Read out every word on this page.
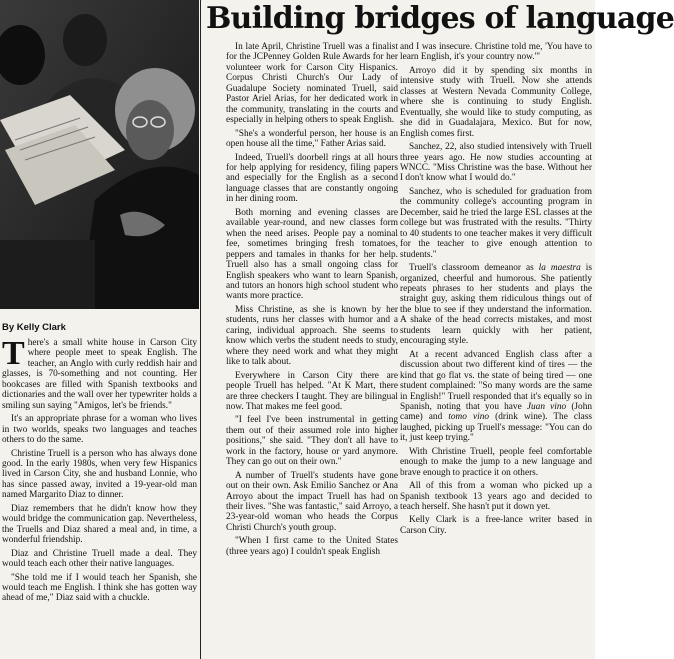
By Kelly Clark
Building bridges of language

There's a small white house in Carson City where people meet to speak English. The teacher, an Anglo with curly reddish hair and glasses, is 70-something and not counting. Her bookcases are filled with Spanish textbooks and dictionaries and the wall over her typewriter holds a smiling sun saying "Amigos, let's be friends."

It's an appropriate phrase for a woman who lives in two worlds, speaks two languages and teaches others to do the same.

Christine Truell is a person who has always done good. In the early 1980s, when very few Hispanics lived in Carson City, she and husband Lonnie, who has since passed away, invited a 19-year-old man named Margarito Diaz to dinner.

Diaz remembers that he didn't know how they would bridge the communication gap. Nevertheless, the Truells and Diaz shared a meal and, in time, a wonderful friendship.

Diaz and Christine Truell made a deal. They would teach each other their native languages.

"She told me if I would teach her Spanish, she would teach me English. I think she has gotten way ahead of me," Diaz said with a chuckle.

In late April, Christine Truell was a finalist for the JCPenney Golden Rule Awards for her volunteer work for Carson City Hispanics. Corpus Christi Church's Our Lady of Guadalupe Society nominated Truell, said Pastor Ariel Arias, for her dedicated work in the community, translating in the courts and especially in helping others to speak English.

"She's a wonderful person, her house is an open house all the time," Father Arias said.

Indeed, Truell's doorbell rings at all hours for help applying for residency, filing papers and especially for the English as a second language classes that are constantly ongoing in her dining room.

Both morning and evening classes are available year-round, and new classes form when the need arises. People pay a nominal fee, sometimes bringing fresh tomatoes, peppers and tamales in thanks for her help. Truell also has a small ongoing class for English speakers who want to learn Spanish, and tutors an honors high school student who wants more practice.

Miss Christine, as she is known by her students, runs her classes with humor and a caring, individual approach. She seems to know which verbs the student needs to study, where they need work and what they might like to talk about.

Everywhere in Carson City there are people Truell has helped. "At K Mart, there are three checkers I taught. They are bilingual now. That makes me feel good.

"I feel I've been instrumental in getting them out of their assumed role into higher positions," she said. "They don't all have to work in the factory, house or yard anymore. They can go out on their own."

A number of Truell's students have gone out on their own. Ask Emilio Sanchez or Ana Arroyo about the impact Truell has had on their lives. "She was fantastic," said Arroyo, a 23-year-old woman who heads the Corpus Christi Church's youth group.

"When I first came to the United States (three years ago) I couldn't speak English

and I was insecure. Christine told me, 'You have to learn English, it's your country now.'"

Arroyo did it by spending six months in intensive study with Truell. Now she attends classes at Western Nevada Community College, where she is continuing to study English. Eventually, she would like to study computing, as she did in Guadalajara, Mexico. But for now, English comes first.

Sanchez, 22, also studied intensively with Truell three years ago. He now studies accounting at WNCC. "Miss Christine was the base. Without her I don't know what I would do."

Sanchez, who is scheduled for graduation from the community college's accounting program in December, said he tried the large ESL classes at the college but was frustrated with the results. "Thirty to 40 students to one teacher makes it very difficult for the teacher to give enough attention to students."

Truell's classroom demeanor as la maestra is organized, cheerful and humorous. She patiently repeats phrases to her students and plays the straight guy, asking them ridiculous things out of the blue to see if they understand the information. A shake of the head corrects mistakes, and most students learn quickly with her patient, encouraging style.

At a recent advanced English class after a discussion about two different kind of tires — the kind that go flat vs. the state of being tired — one student complained: "So many words are the same in English!" Truell responded that it's equally so in Spanish, noting that you have Juan vino (John came) and tomo vino (drink wine). The class laughed, picking up Truell's message: "You can do it, just keep trying."

With Christine Truell, people feel comfortable enough to make the jump to a new language and brave enough to practice it on others.

All of this from a woman who picked up a Spanish textbook 13 years ago and decided to teach herself. She hasn't put it down yet.

Kelly Clark is a free-lance writer based in Carson City.
